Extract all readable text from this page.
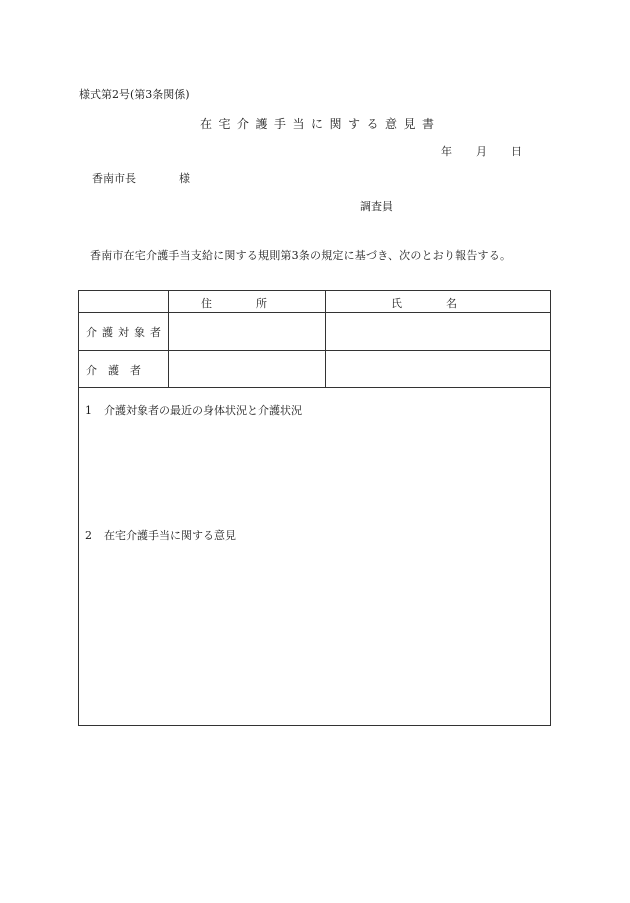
様式第2号(第3条関係)
在宅介護手当に関する意見書
年 月 日
香南市長	様
調査員
香南市在宅介護手当支給に関する規則第3条の規定に基づき、次のとおり報告する。
住　　　　所	氏　　　　名
介護対象者
介　護　者
1 介護対象者の最近の身体状況と介護状況
2 在宅介護手当に関する意見
